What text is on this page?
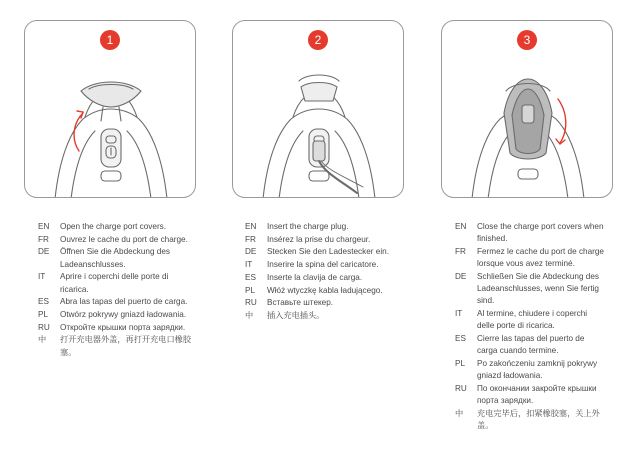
1	2	3
EN	Open the charge port covers.
FR	Ouvrez le cache du port de charge.
DE	Öffnen Sie die Abdeckung des Ladeanschlusses.
IT	Aprire i coperchi delle porte di ricarica.
ES	Abra las tapas del puerto de carga.
PL	Otwórz pokrywy gniazd ładowania.
RU	Откройте крышки порта зарядки.
中	打开充电器外盖，再打开充电口橡胶塞。
EN	Insert the charge plug.
FR	Insérez la prise du chargeur.
DE	Stecken Sie den Ladestecker ein.
IT	Inserire la spina del caricatore.
ES	Inserte la clavija de carga.
PL	Włóż wtyczkę kabla ładującego.
RU	Вставьте штекер.
中	插入充电插头。
EN	Close the charge port covers when finished.
FR	Fermez le cache du port de charge lorsque vous avez terminé.
DE	Schließen Sie die Abdeckung des Ladeanschlusses, wenn Sie fertig sind.
IT	Al termine, chiudere i coperchi delle porte di ricarica.
ES	Cierre las tapas del puerto de carga cuando termine.
PL	Po zakończeniu zamknij pokrywy gniazd ładowania.
RU	По окончании закройте крышки порта зарядки.
中	充电完毕后，扣紧橡胶塞，关上外盖。
